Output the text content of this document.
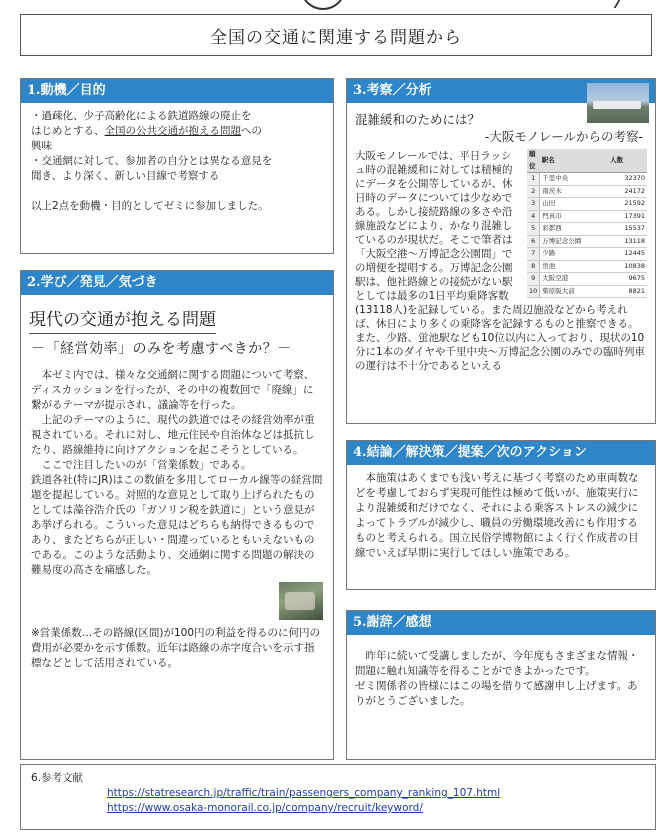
全国の交通に関連する問題から
1.動機／目的
・過疎化、少子高齢化による鉄道路線の廃止を
はじめとする、全国の公共交通が抱える問題への
興味
・交通網に対して、参加者の自分とは異なる意見を
聞き、より深く、新しい目線で考察する
以上2点を動機・目的としてゼミに参加しました。
2.学び／発見／気づき
現代の交通が抱える問題
－「経営効率」のみを考慮すべきか？－

本ゼミ内では、様々な交通網に関する問題について考察、ディスカッションを行ったが、その中の複数回で「廃線」に繋がるテーマが提示され、議論等を行った。

上記のテーマのように、現代の鉄道ではその経営効率が重視されている。それに対し、地元住民や自治体などは抵抗したり、路線維持に向けアクションを起こそうとしている。

ここで注目したいのが「営業係数」である。

鉄道各社(特にJR)はこの数値を多用してローカル線等の経営問題を提起している。対照的な意見として取り上げられたものとしては藻谷浩介氏の「ガソリン税を鉄道に」という意見があ挙げられる。こういった意見はどちらも納得できるものであり、またどちらが正しい・間違っているともいえないものである。このような活動より、交通網に関する問題の解決の難易度の高さを痛感した。

※営業係数…その路線(区間)が100円の利益を得るのに何円の費用が必要かを示す係数。近年は路線の赤字度合いを示す指標などとして活用されている。
3.考察／分析
混雑緩和のためには？
-大阪モノレールからの考察-
順位	駅名	人数
1	千里中央	32370
2	南茨木	24172
3	山田	21592
4	門真市	17391
5	彩都西	15537
6	万博記念公園	13118
7	少路	12445
8	蛍池	10838
9	大阪空港	9675
10	柴原阪大前	8821
大阪モノレールでは、平日ラッシュ時の混雑緩和に対しては積極的にデータを公開等しているが、休日時のデータについては少なめである。しかし接続路線の多さや沿線施設などにより、かなり混雑しているのが現状だ。そこで筆者は「大阪空港～万博記念公園間」での増便を提唱する。万博記念公園駅は、他社路線との接続がない駅としては最多の1日平均乗降客数(13118人)を記録している。また周辺施設などから考えれば、休日により多くの乗降客を記録するものと推察できる。また、少路、蛍池駅なども10位以内に入っており、現状の10分に1本のダイヤや千里中央～万博記念公園のみでの臨時列車の運行は不十分であるといえる
4.結論／解決策／提案／次のアクション

本施策はあくまでも浅い考えに基づく考察のため車両数などを考慮しておらず実現可能性は極めて低いが、施策実行により混雑緩和だけでなく、それによる乗客ストレスの減少によってトラブルが減少し、職員の労働環境改善にも作用するものと考えられる。国立民俗学博物館によく行く作成者の目線でいえば早期に実行してほしい施策である。

5.謝辞／感想

昨年に続いて受講しましたが、今年度もさまざまな情報・問題に触れ知識等を得ることができよかったです。

ゼミ関係者の皆様にはこの場を借りて感謝申し上げます。ありがとうございました。

6.参考文献
https://statresearch.jp/traffic/train/passengers_company_ranking_107.html
https://www.osaka-monorail.co.jp/company/recruit/keyword/
